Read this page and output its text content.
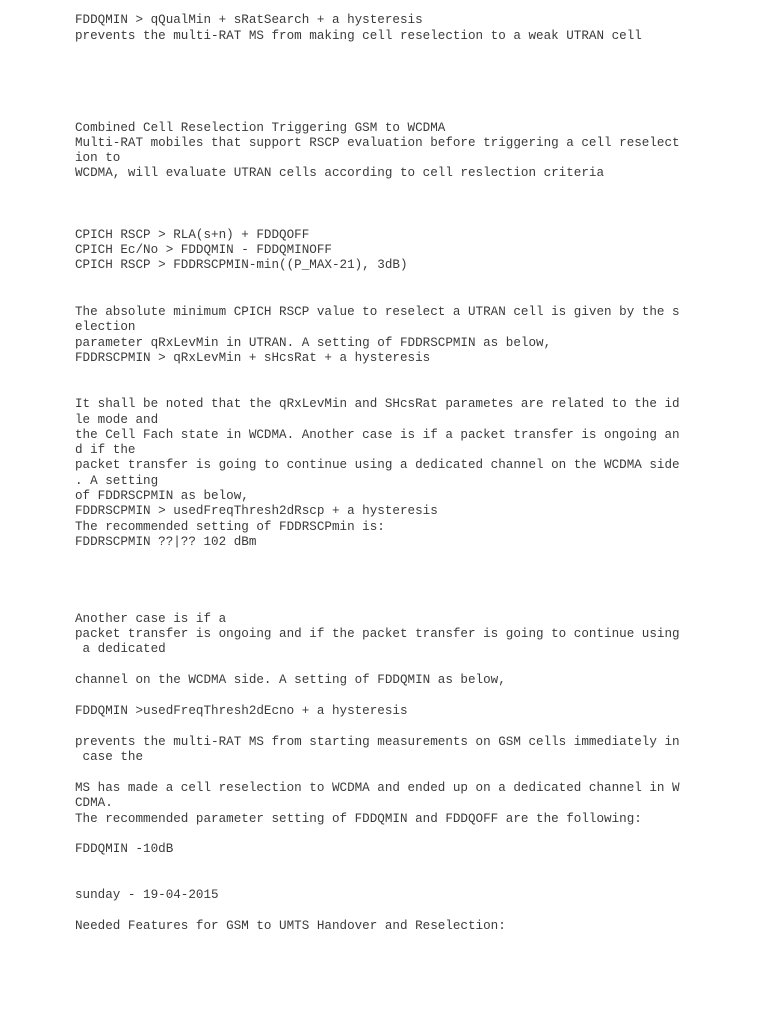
FDDQMIN > qQualMin + sRatSearch + a hysteresis

prevents the multi-RAT MS from making cell reselection to a weak UTRAN cell

Combined Cell Reselection Triggering GSM to WCDMA

Multi-RAT mobiles that support RSCP evaluation before triggering a cell reselect

ion to

WCDMA, will evaluate UTRAN cells according to cell reslection criteria

CPICH RSCP > RLA(s+n) + FDDQOFF

CPICH Ec/No > FDDQMIN - FDDQMINOFF

CPICH RSCP > FDDRSCPMIN-min((P_MAX-21), 3dB)

The absolute minimum CPICH RSCP value to reselect a UTRAN cell is given by the s

election

parameter qRxLevMin in UTRAN. A setting of FDDRSCPMIN as below,

FDDRSCPMIN > qRxLevMin + sHcsRat + a hysteresis

It shall be noted that the qRxLevMin and SHcsRat parametes are related to the id

le mode and

the Cell Fach state in WCDMA. Another case is if a packet transfer is ongoing an

d if the

packet transfer is going to continue using a dedicated channel on the WCDMA side

. A setting

of FDDRSCPMIN as below,

FDDRSCPMIN > usedFreqThresh2dRscp + a hysteresis

The recommended setting of FDDRSCPmin is:

FDDRSCPMIN ??|?? 102 dBm

Another case is if a

packet transfer is ongoing and if the packet transfer is going to continue using

a dedicated

channel on the WCDMA side. A setting of FDDQMIN as below,

FDDQMIN >usedFreqThresh2dEcno + a hysteresis

prevents the multi-RAT MS from starting measurements on GSM cells immediately in

case the

MS has made a cell reselection to WCDMA and ended up on a dedicated channel in W

CDMA.

The recommended parameter setting of FDDQMIN and FDDQOFF are the following:

FDDQMIN -10dB

sunday - 19-04-2015

Needed Features for GSM to UMTS Handover and Reselection:
